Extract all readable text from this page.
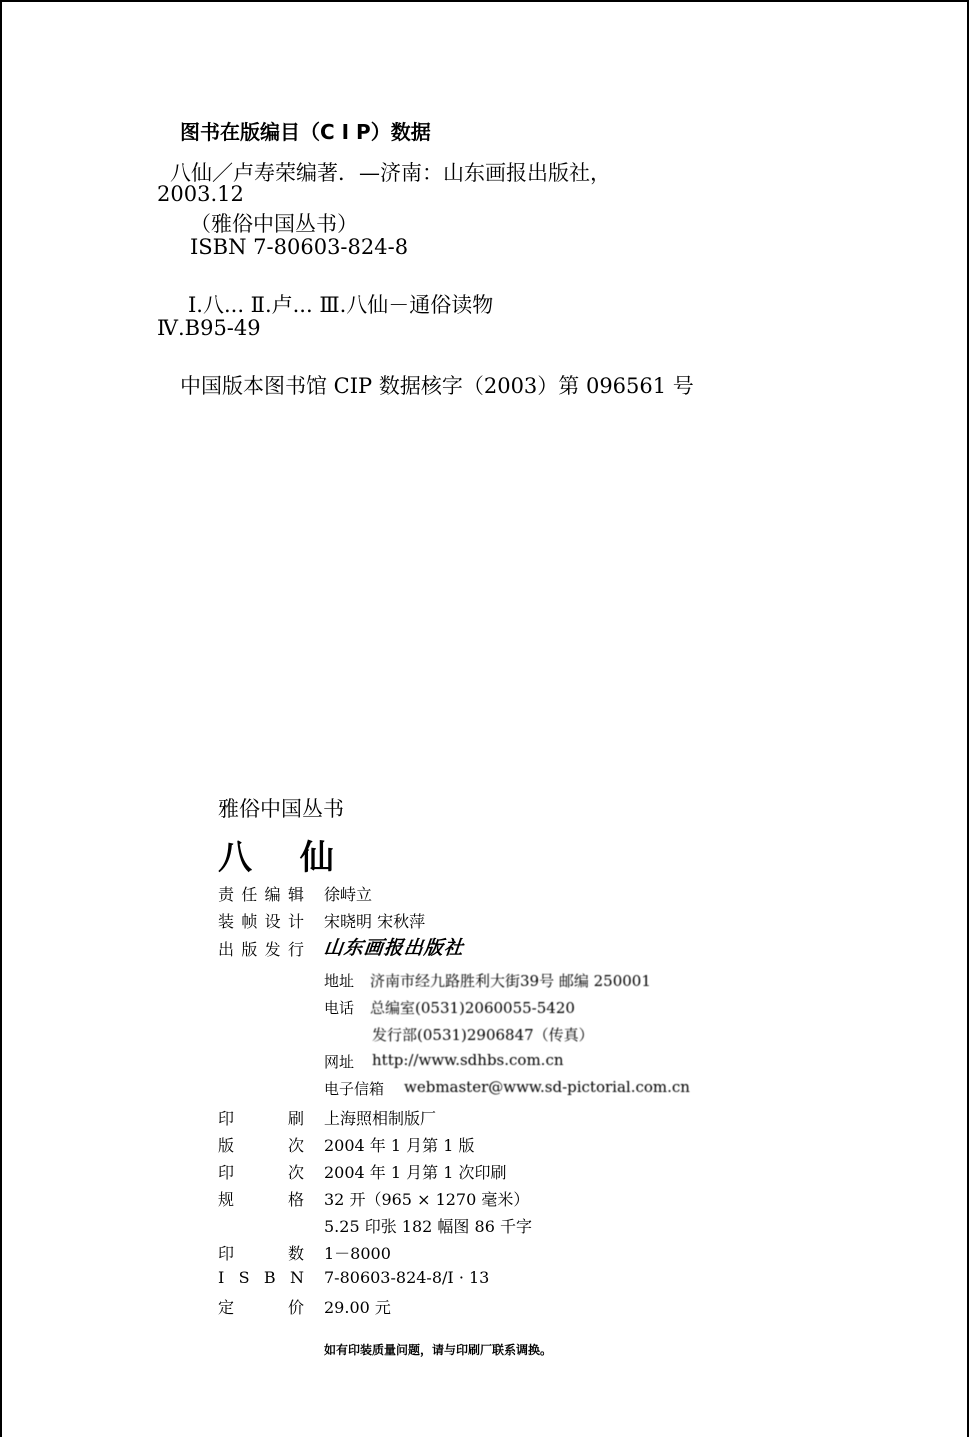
图书在版编目（C I P）数据
八仙／卢寿荣编著．—济南：山东画报出版社，
2003.12
（雅俗中国丛书）
ISBN 7-80603-824-8
Ⅰ.八... Ⅱ.卢... Ⅲ.八仙－通俗读物
Ⅳ.B95-49
中国版本图书馆 CIP 数据核字（2003）第 096561 号
雅俗中国丛书
八 仙
责任编辑 徐峙立
装帧设计 宋晓明 宋秋萍
出版发行 山东画报出版社
地址 济南市经九路胜利大街39号 邮编 250001
电话 总编室(0531)2060055-5420
发行部(0531)2906847（传真）
网址 http://www.sdhbs.com.cn
电子信箱 webmaster@www.sd-pictorial.com.cn
印 刷 上海照相制版厂
版 次 2004 年 1 月第 1 版
印 次 2004 年 1 月第 1 次印刷
规 格 32 开（965 × 1270 毫米）
5.25 印张 182 幅图 86 千字
印 数 1－8000
I S B N 7-80603-824-8/I · 13
定 价 29.00 元
如有印装质量问题，请与印刷厂联系调换。
